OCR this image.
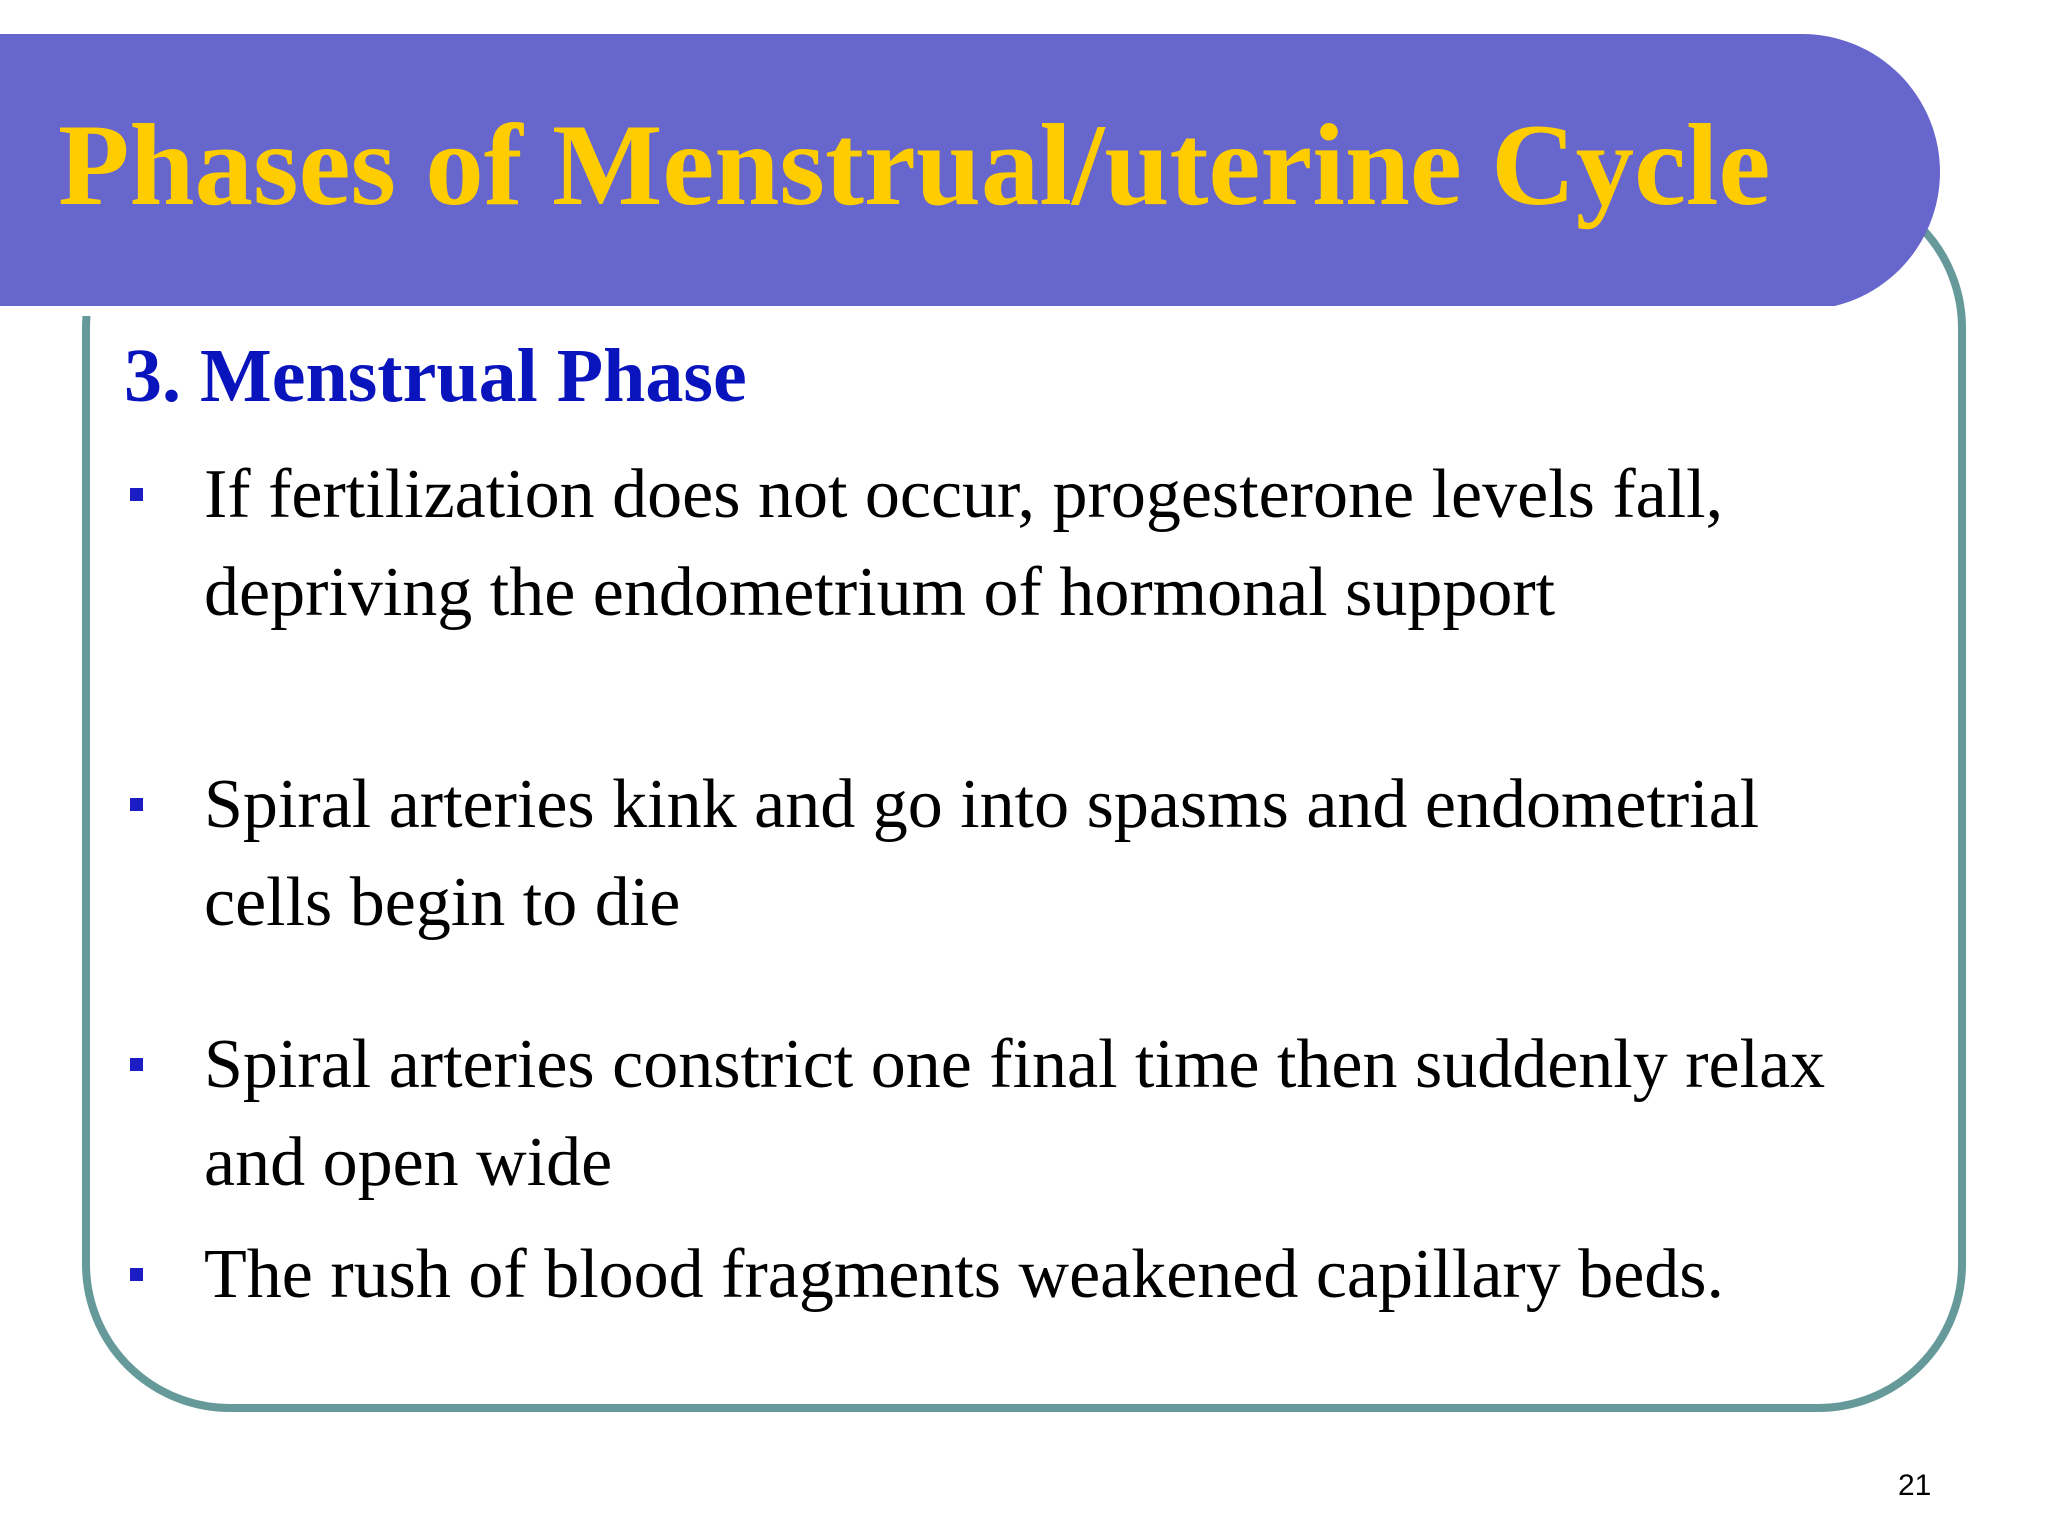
Phases of Menstrual/uterine Cycle
3. Menstrual Phase

If fertilization does not occur, progesterone levels fall, depriving the endometrium of hormonal support

Spiral arteries kink and go into spasms and endometrial cells begin to die

Spiral arteries constrict one final time then suddenly relax and open wide

The rush of blood fragments weakened capillary beds.

21
